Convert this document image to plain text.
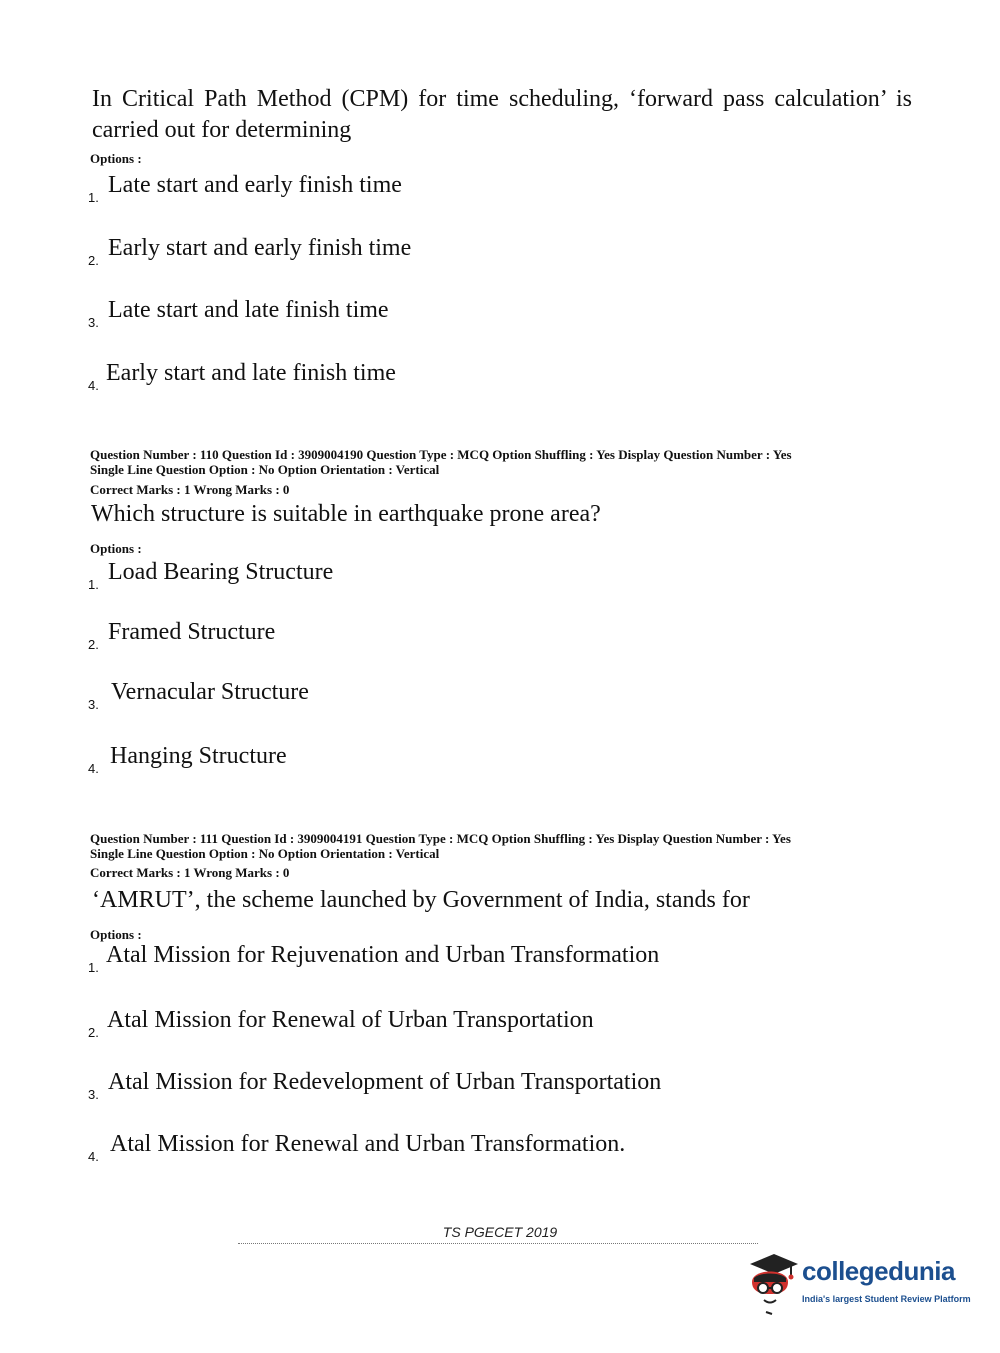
In Critical Path Method (CPM) for time scheduling, ‘forward pass calculation’ is carried out for determining
Options :
1. Late start and early finish time
2. Early start and early finish time
3. Late start and late finish time
4. Early start and late finish time
Question Number : 110 Question Id : 3909004190 Question Type : MCQ Option Shuffling : Yes Display Question Number : Yes
Single Line Question Option : No Option Orientation : Vertical
Correct Marks : 1 Wrong Marks : 0
Which structure is suitable in earthquake prone area?
Options :
1. Load Bearing Structure
2. Framed Structure
3. Vernacular Structure
4. Hanging Structure
Question Number : 111 Question Id : 3909004191 Question Type : MCQ Option Shuffling : Yes Display Question Number : Yes
Single Line Question Option : No Option Orientation : Vertical
Correct Marks : 1 Wrong Marks : 0
‘AMRUT’, the scheme launched by Government of India, stands for
Options :
1. Atal Mission for Rejuvenation and Urban Transformation
2. Atal Mission for Renewal of Urban Transportation
3. Atal Mission for Redevelopment of Urban Transportation
4. Atal Mission for Renewal and Urban Transformation.
TS PGECET 2019
collegedunia
India's largest Student Review Platform
